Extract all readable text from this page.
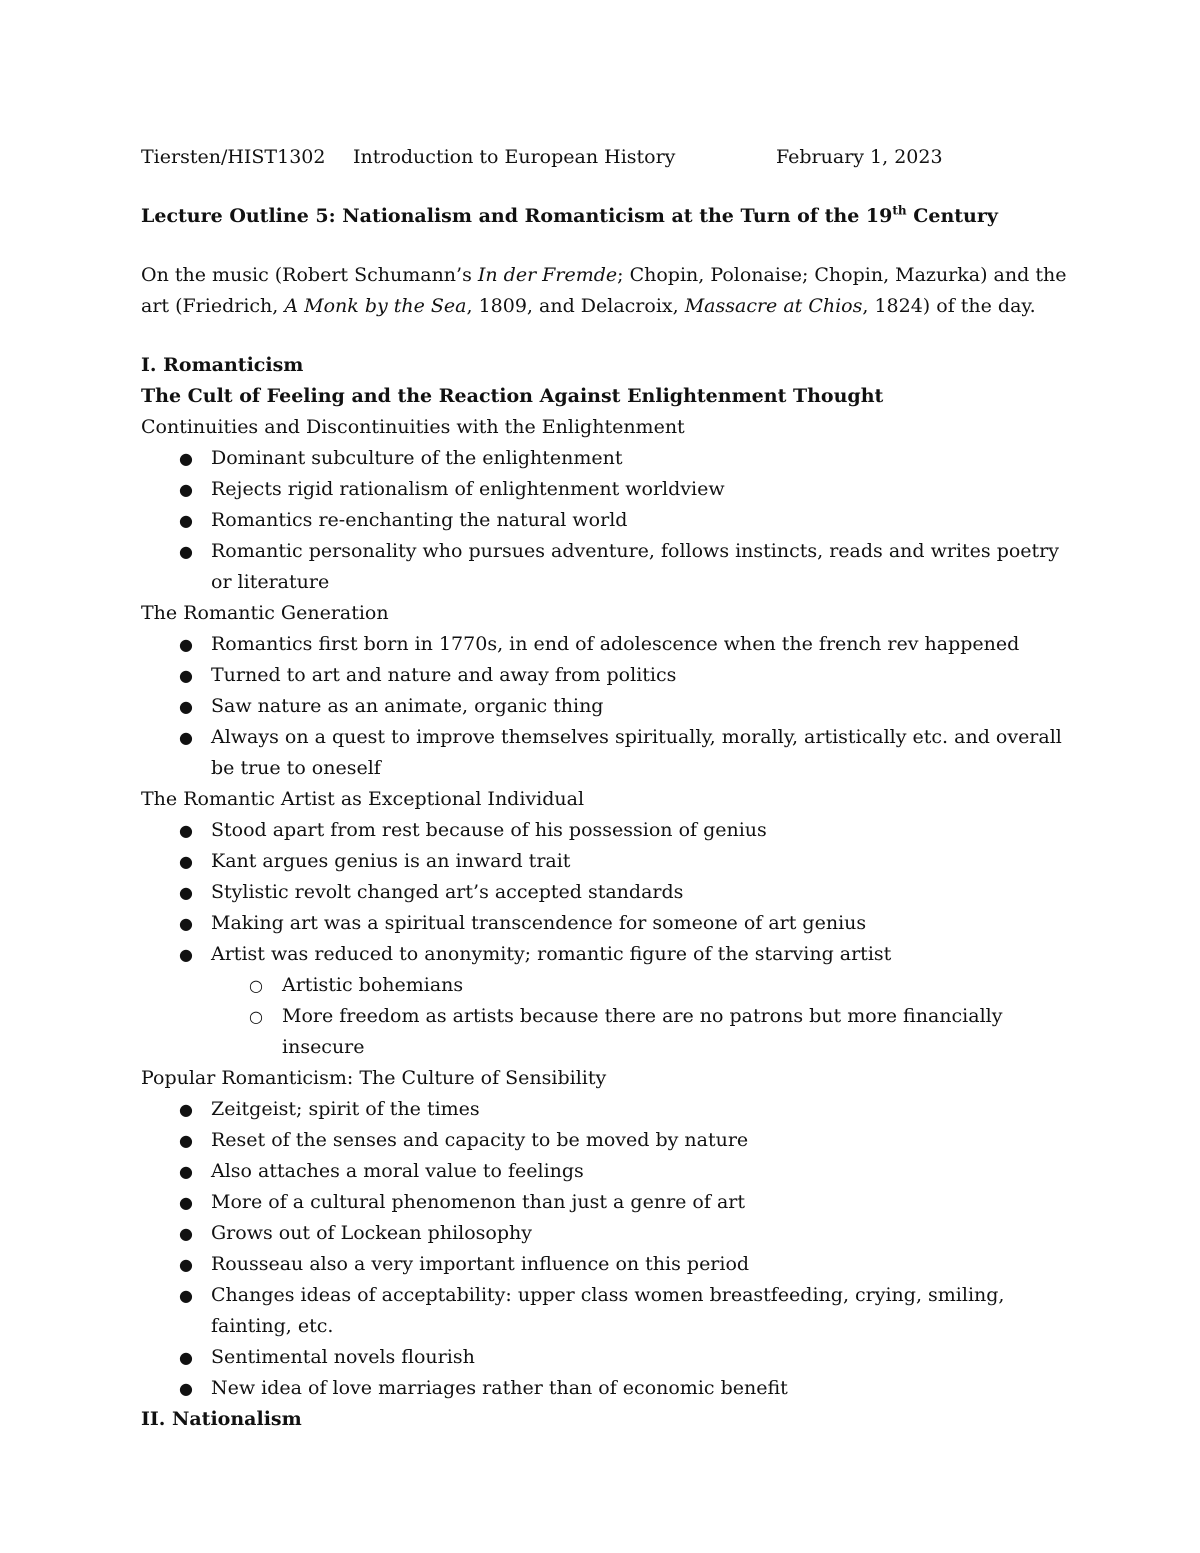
Tiersten/HIST1302 Introduction to European History	February 1, 2023
Lecture Outline 5: Nationalism and Romanticism at the Turn of the 19th Century
On the music (Robert Schumann’s In der Fremde; Chopin, Polonaise; Chopin, Mazurka) and the art (Friedrich, A Monk by the Sea, 1809, and Delacroix, Massacre at Chios, 1824) of the day.

I. Romanticism

The Cult of Feeling and the Reaction Against Enlightenment Thought

Continuities and Discontinuities with the Enlightenment

● Dominant subculture of the enlightenment
● Rejects rigid rationalism of enlightenment worldview
● Romantics re-enchanting the natural world
● Romantic personality who pursues adventure, follows instincts, reads and writes poetry or literature

The Romantic Generation

● Romantics first born in 1770s, in end of adolescence when the french rev happened
● Turned to art and nature and away from politics
● Saw nature as an animate, organic thing
● Always on a quest to improve themselves spiritually, morally, artistically etc. and overall be true to oneself

The Romantic Artist as Exceptional Individual

● Stood apart from rest because of his possession of genius
● Kant argues genius is an inward trait
● Stylistic revolt changed art’s accepted standards
● Making art was a spiritual transcendence for someone of art genius
● Artist was reduced to anonymity; romantic figure of the starving artist
○ Artistic bohemians
○ More freedom as artists because there are no patrons but more financially insecure

Popular Romanticism: The Culture of Sensibility

● Zeitgeist; spirit of the times
● Reset of the senses and capacity to be moved by nature
● Also attaches a moral value to feelings
● More of a cultural phenomenon than just a genre of art
● Grows out of Lockean philosophy
● Rousseau also a very important influence on this period
● Changes ideas of acceptability: upper class women breastfeeding, crying, smiling, fainting, etc.
● Sentimental novels flourish
● New idea of love marriages rather than of economic benefit

II. Nationalism
